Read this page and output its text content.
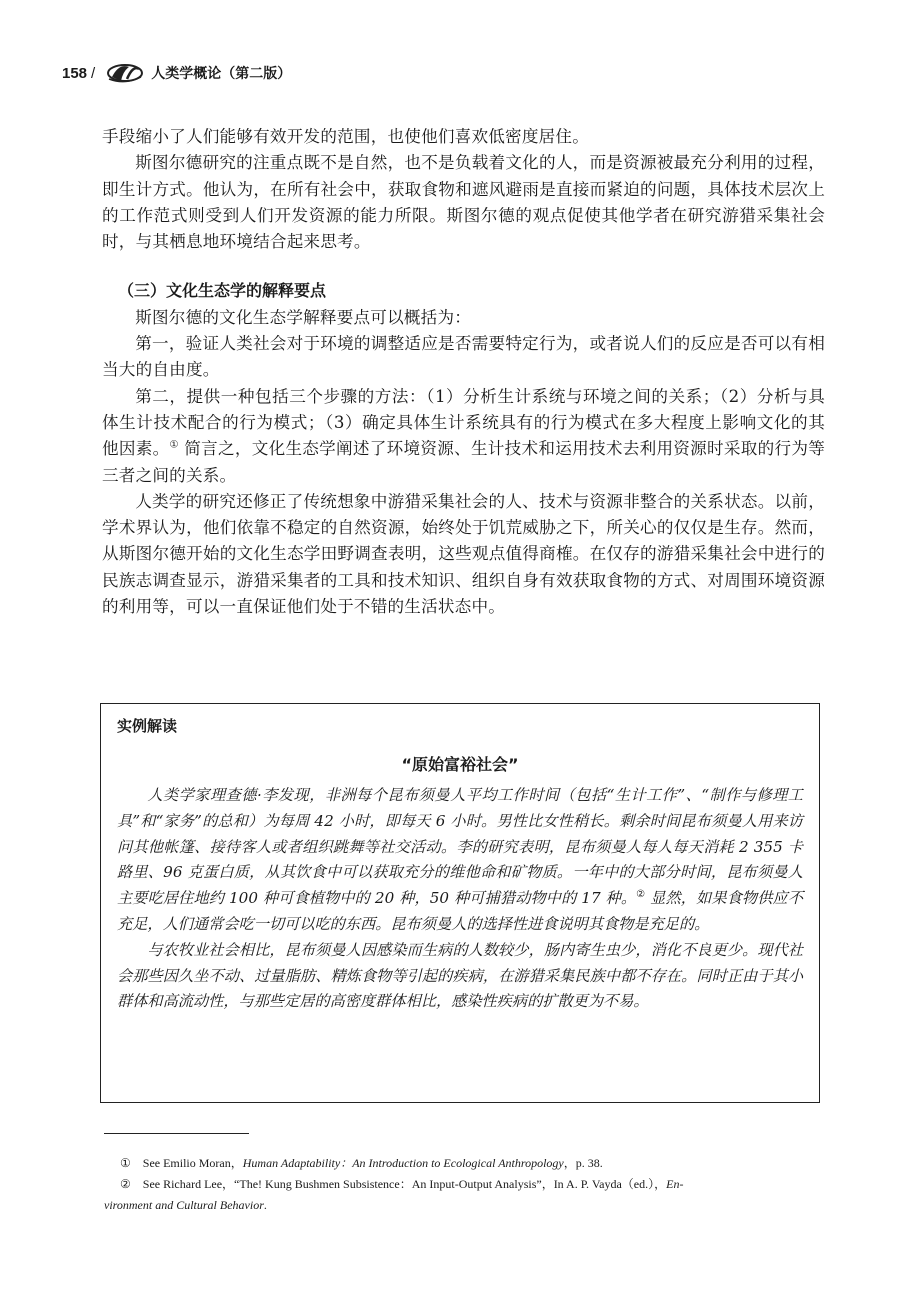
158 /	人类学概论（第二版）

手段缩小了人们能够有效开发的范围，也使他们喜欢低密度居住。

斯图尔德研究的注重点既不是自然，也不是负载着文化的人，而是资源被最充分利用的过程，即生计方式。他认为，在所有社会中，获取食物和遮风避雨是直接而紧迫的问题，具体技术层次上的工作范式则受到人们开发资源的能力所限。斯图尔德的观点促使其他学者在研究游猎采集社会时，与其栖息地环境结合起来思考。

（三）文化生态学的解释要点

斯图尔德的文化生态学解释要点可以概括为：

第一，验证人类社会对于环境的调整适应是否需要特定行为，或者说人们的反应是否可以有相当大的自由度。

第二，提供一种包括三个步骤的方法：（1）分析生计系统与环境之间的关系；（2）分析与具体生计技术配合的行为模式；（3）确定具体生计系统具有的行为模式在多大程度上影响文化的其他因素。① 简言之，文化生态学阐述了环境资源、生计技术和运用技术去利用资源时采取的行为等三者之间的关系。

人类学的研究还修正了传统想象中游猎采集社会的人、技术与资源非整合的关系状态。以前，学术界认为，他们依靠不稳定的自然资源，始终处于饥荒威胁之下，所关心的仅仅是生存。然而，从斯图尔德开始的文化生态学田野调查表明，这些观点值得商榷。在仅存的游猎采集社会中进行的民族志调查显示，游猎采集者的工具和技术知识、组织自身有效获取食物的方式、对周围环境资源的利用等，可以一直保证他们处于不错的生活状态中。

实例解读

“原始富裕社会”

人类学家理查德·李发现，非洲每个昆布须曼人平均工作时间（包括“生计工作”、“制作与修理工具”和“家务”的总和）为每周 42 小时，即每天 6 小时。男性比女性稍长。剩余时间昆布须曼人用来访问其他帐篷、接待客人或者组织跳舞等社交活动。李的研究表明，昆布须曼人每人每天消耗 2 355 卡路里、96 克蛋白质，从其饮食中可以获取充分的维他命和矿物质。一年中的大部分时间，昆布须曼人主要吃居住地约 100 种可食植物中的 20 种，50 种可捕猎动物中的 17 种。② 显然，如果食物供应不充足，人们通常会吃一切可以吃的东西。昆布须曼人的选择性进食说明其食物是充足的。

与农牧业社会相比，昆布须曼人因感染而生病的人数较少，肠内寄生虫少，消化不良更少。现代社会那些因久坐不动、过量脂肪、精炼食物等引起的疾病，在游猎采集民族中都不存在。同时正由于其小群体和高流动性，与那些定居的高密度群体相比，感染性疾病的扩散更为不易。

① See Emilio Moran，Human Adaptability：An Introduction to Ecological Anthropology，p. 38.

② See Richard Lee，“The! Kung Bushmen Subsistence：An Input-Output Analysis”，In A. P. Vayda（ed.），En-

vironment and Cultural Behavior.
